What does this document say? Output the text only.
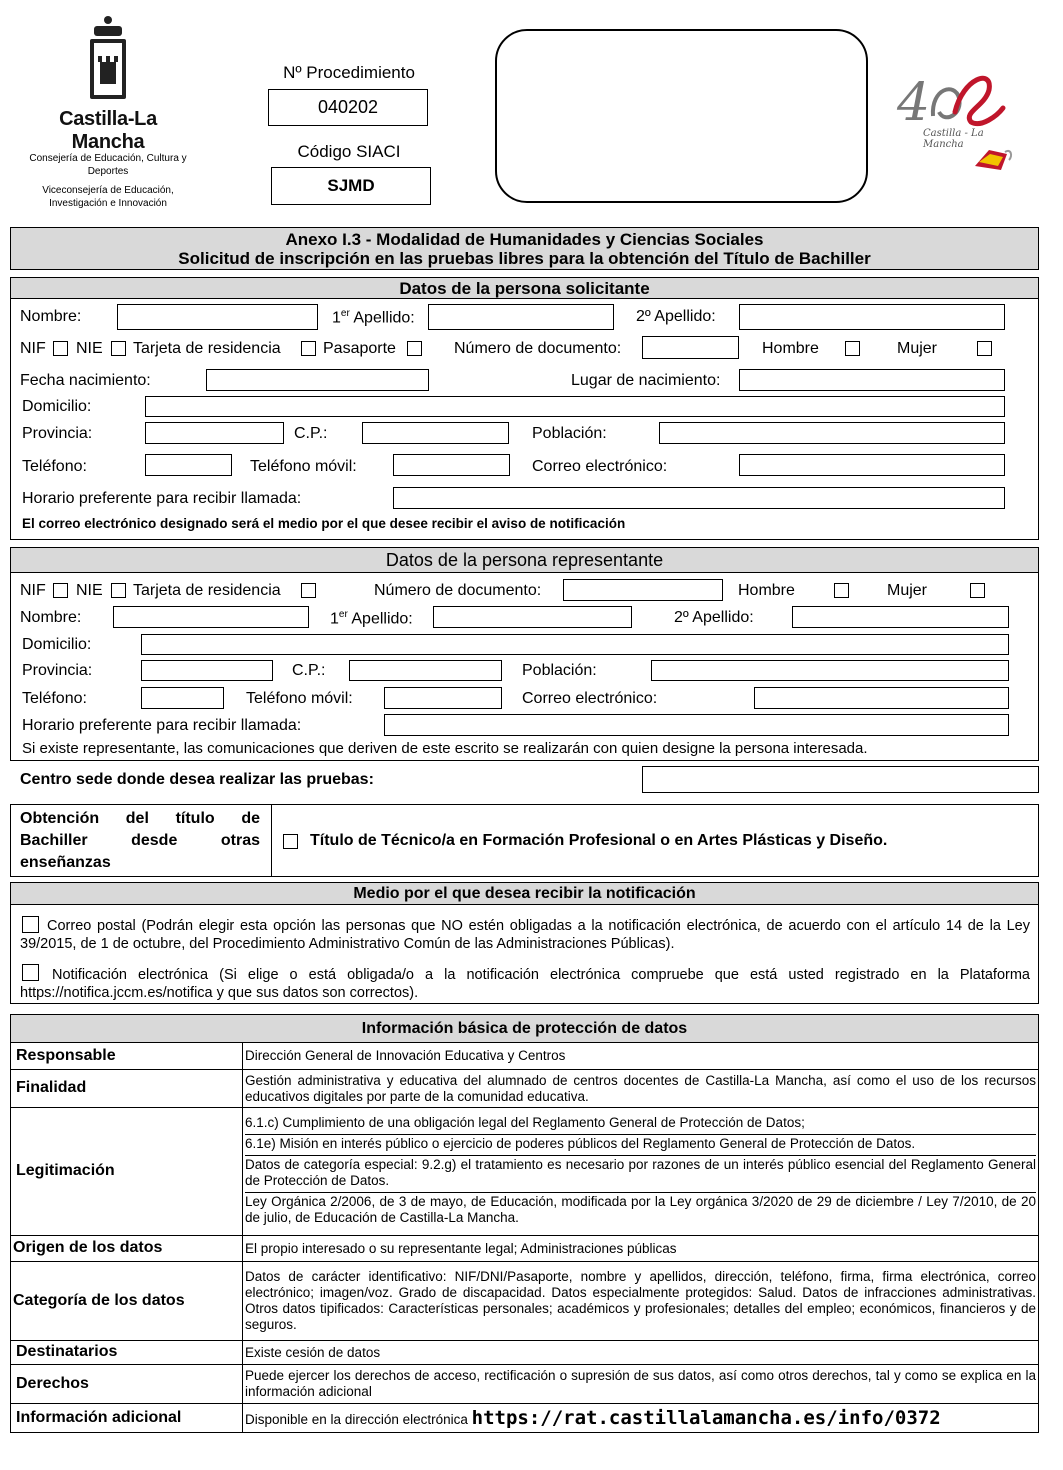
Castilla-La Mancha
Consejería de Educación, Cultura y Deportes
Viceconsejería de Educación, Investigación e Innovación
Nº Procedimiento
040202
Código SIACI
SJMD
4
Castilla - La Mancha
Anexo I.3 - Modalidad de Humanidades y Ciencias Sociales
Solicitud de inscripción en las pruebas libres para la obtención del Título de Bachiller
Datos de la persona solicitante
Nombre:	1er Apellido:	2º Apellido:
NIF NIE Tarjeta de residencia	Pasaporte	Número de documento:	Hombre	Mujer
Fecha nacimiento:	Lugar de nacimiento:
Domicilio:
Provincia:	C.P.:	Población:
Teléfono:	Teléfono móvil:	Correo electrónico:
Horario preferente para recibir llamada:
El correo electrónico designado será el medio por el que desee recibir el aviso de notificación
Datos de la persona representante
NIF NIE Tarjeta de residencia	Número de documento:	Hombre	Mujer
Nombre:	1er Apellido:	2º Apellido:
Domicilio:
Provincia:	C.P.:	Población:
Teléfono:	Teléfono móvil:	Correo electrónico:
Horario preferente para recibir llamada:
Si existe representante, las comunicaciones que deriven de este escrito se realizarán con quien designe la persona interesada.
Centro sede donde desea realizar las pruebas:
Obtención del título de Bachiller desde otras enseñanzas
Título de Técnico/a en Formación Profesional o en Artes Plásticas y Diseño.
Medio por el que desea recibir la notificación
Correo postal (Podrán elegir esta opción las personas que NO estén obligadas a la notificación electrónica, de acuerdo con el artículo 14 de la Ley 39/2015, de 1 de octubre, del Procedimiento Administrativo Común de las Administraciones Públicas).
Notificación electrónica (Si elige o está obligada/o a la notificación electrónica compruebe que está usted registrado en la Plataforma https://notifica.jccm.es/notifica y que sus datos son correctos).
Información básica de protección de datos
Responsable	Dirección General de Innovación Educativa y Centros
Finalidad	Gestión administrativa y educativa del alumnado de centros docentes de Castilla-La Mancha, así como el uso de los recursos educativos digitales por parte de la comunidad educativa.
Legitimación	6.1.c) Cumplimiento de una obligación legal del Reglamento General de Protección de Datos;
6.1e) Misión en interés público o ejercicio de poderes públicos del Reglamento General de Protección de Datos.
Datos de categoría especial: 9.2.g) el tratamiento es necesario por razones de un interés público esencial del Reglamento General de Protección de Datos.
Ley Orgánica 2/2006, de 3 de mayo, de Educación, modificada por la Ley orgánica 3/2020 de 29 de diciembre / Ley 7/2010, de 20 de julio, de Educación de Castilla-La Mancha.

Origen de los datos	El propio interesado o su representante legal; Administraciones públicas
Categoría de los datos	Datos de carácter identificativo: NIF/DNI/Pasaporte, nombre y apellidos, dirección, teléfono, firma, firma electrónica, correo electrónico; imagen/voz. Grado de discapacidad. Datos especialmente protegidos: Salud. Datos de infracciones administrativas. Otros datos tipificados: Características personales; académicos y profesionales; detalles del empleo; económicos, financieros y de seguros.
Destinatarios	Existe cesión de datos
Derechos	Puede ejercer los derechos de acceso, rectificación o supresión de sus datos, así como otros derechos, tal y como se explica en la información adicional
Información adicional	Disponible en la dirección electrónica https://rat.castillalamancha.es/info/0372
